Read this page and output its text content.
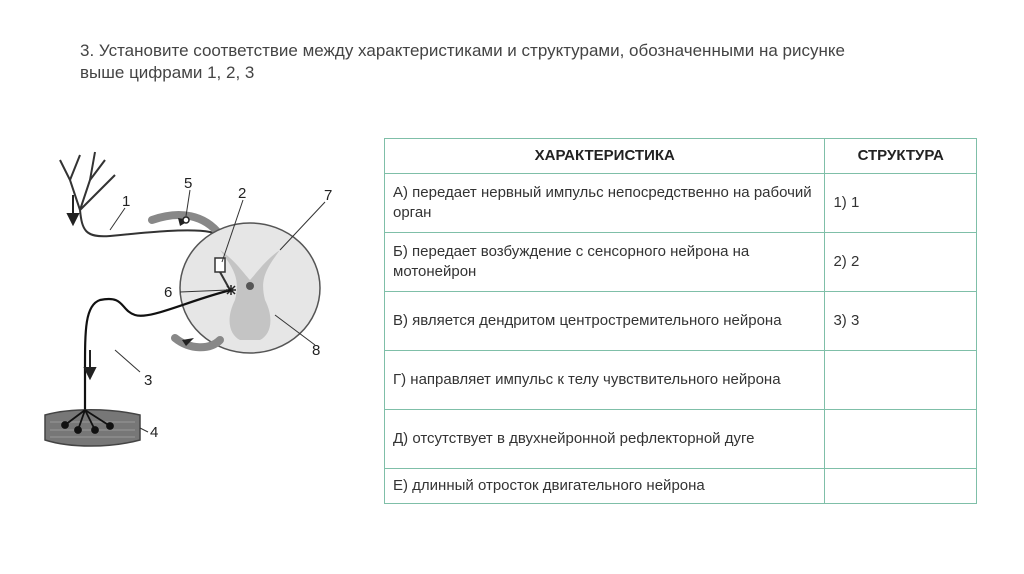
3. Установите соответствие между характеристиками и структурами, обозначенными на рисунке
выше цифрами 1, 2, 3
1
5
2	7
6
8
3
4
ХАРАКТЕРИСТИКА	СТРУКТУРА
А) передает нервный импульс непосредственно на рабочий орган	1) 1
Б) передает возбуждение с сенсорного нейрона на мотонейрон	2) 2
В) является дендритом центростремительного нейрона	3) 3
Г) направляет импульс к телу чувствительного нейрона	
Д) отсутствует в двухнейронной рефлекторной дуге	
Е) длинный отросток двигательного нейрона	
